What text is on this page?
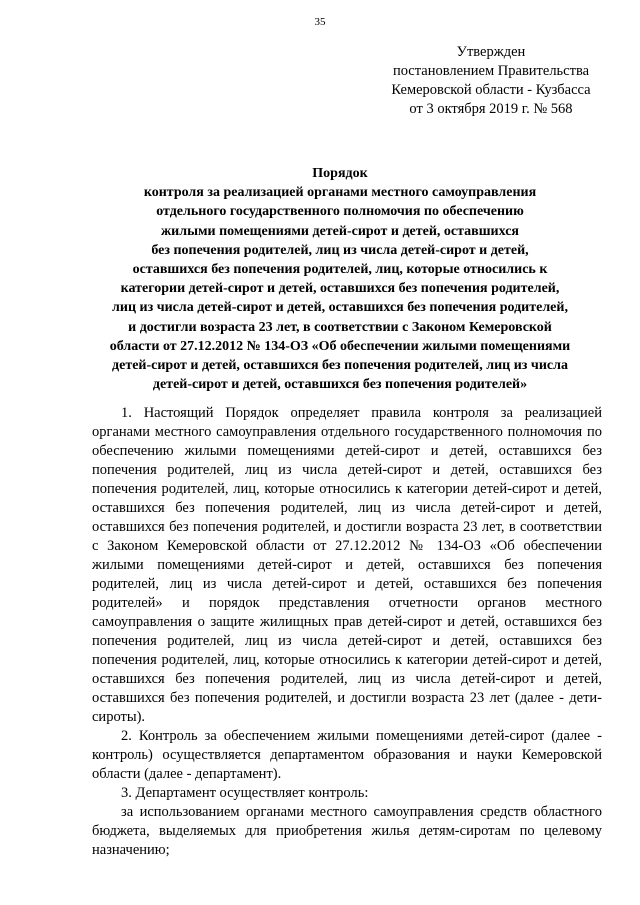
35
Утвержден
постановлением Правительства
Кемеровской области - Кузбасса
от 3 октября 2019 г. № 568
Порядок
контроля за реализацией органами местного самоуправления
отдельного государственного полномочия по обеспечению
жилыми помещениями детей-сирот и детей, оставшихся
без попечения родителей, лиц из числа детей-сирот и детей,
оставшихся без попечения родителей, лиц, которые относились к
категории детей-сирот и детей, оставшихся без попечения родителей,
лиц из числа детей-сирот и детей, оставшихся без попечения родителей,
и достигли возраста 23 лет, в соответствии с Законом Кемеровской
области от 27.12.2012 № 134-ОЗ «Об обеспечении жилыми помещениями
детей-сирот и детей, оставшихся без попечения родителей, лиц из числа
детей-сирот и детей, оставшихся без попечения родителей»

1. Настоящий Порядок определяет правила контроля за реализацией органами местного самоуправления отдельного государственного полномочия по обеспечению жилыми помещениями детей-сирот и детей, оставшихся без попечения родителей, лиц из числа детей-сирот и детей, оставшихся без попечения родителей, лиц, которые относились к категории детей-сирот и детей, оставшихся без попечения родителей, лиц из числа детей-сирот и детей, оставшихся без попечения родителей, и достигли возраста 23 лет, в соответствии с Законом Кемеровской области от 27.12.2012 № 134-ОЗ «Об обеспечении жилыми помещениями детей-сирот и детей, оставшихся без попечения родителей, лиц из числа детей-сирот и детей, оставшихся без попечения родителей» и порядок представления отчетности органов местного самоуправления о защите жилищных прав детей-сирот и детей, оставшихся без попечения родителей, лиц из числа детей-сирот и детей, оставшихся без попечения родителей, лиц, которые относились к категории детей-сирот и детей, оставшихся без попечения родителей, лиц из числа детей-сирот и детей, оставшихся без попечения родителей, и достигли возраста 23 лет (далее - дети-сироты).

2. Контроль за обеспечением жилыми помещениями детей-сирот (далее - контроль) осуществляется департаментом образования и науки Кемеровской области (далее - департамент).

3. Департамент осуществляет контроль:

за использованием органами местного самоуправления средств областного бюджета, выделяемых для приобретения жилья детям-сиротам по целевому назначению;
